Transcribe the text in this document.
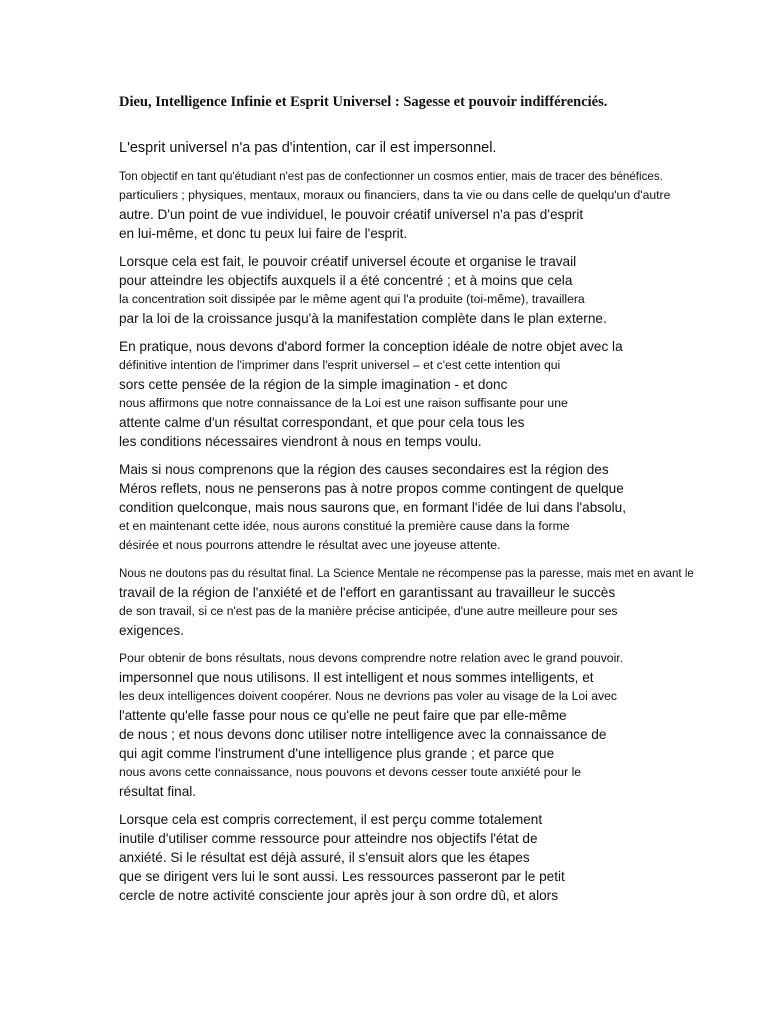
Dieu, Intelligence Infinie et Esprit Universel : Sagesse et pouvoir indifférenciés.

L'esprit universel n'a pas d'intention, car il est impersonnel.

Ton objectif en tant qu'étudiant n'est pas de confectionner un cosmos entier, mais de tracer des bénéfices.
particuliers ; physiques, mentaux, moraux ou financiers, dans ta vie ou dans celle de quelqu'un d'autre
autre. D'un point de vue individuel, le pouvoir créatif universel n'a pas d'esprit
en lui-même, et donc tu peux lui faire de l'esprit.

Lorsque cela est fait, le pouvoir créatif universel écoute et organise le travail
pour atteindre les objectifs auxquels il a été concentré ; et à moins que cela
la concentration soit dissipée par le même agent qui l'a produite (toi-même), travaillera
par la loi de la croissance jusqu'à la manifestation complète dans le plan externe.

En pratique, nous devons d'abord former la conception idéale de notre objet avec la
définitive intention de l'imprimer dans l'esprit universel – et c'est cette intention qui
sors cette pensée de la région de la simple imagination - et donc
nous affirmons que notre connaissance de la Loi est une raison suffisante pour une
attente calme d'un résultat correspondant, et que pour cela tous les
les conditions nécessaires viendront à nous en temps voulu.

Mais si nous comprenons que la région des causes secondaires est la région des
Méros reflets, nous ne penserons pas à notre propos comme contingent de quelque
condition quelconque, mais nous saurons que, en formant l'idée de lui dans l'absolu,
et en maintenant cette idée, nous aurons constitué la première cause dans la forme
désirée et nous pourrons attendre le résultat avec une joyeuse attente.

Nous ne doutons pas du résultat final. La Science Mentale ne récompense pas la paresse, mais met en avant le
travail de la région de l'anxiété et de l'effort en garantissant au travailleur le succès
de son travail, si ce n'est pas de la manière précise anticipée, d'une autre meilleure pour ses
exigences.

Pour obtenir de bons résultats, nous devons comprendre notre relation avec le grand pouvoir.
impersonnel que nous utilisons. Il est intelligent et nous sommes intelligents, et
les deux intelligences doivent coopérer. Nous ne devrions pas voler au visage de la Loi avec
l'attente qu'elle fasse pour nous ce qu'elle ne peut faire que par elle-même
de nous ; et nous devons donc utiliser notre intelligence avec la connaissance de
qui agit comme l'instrument d'une intelligence plus grande ; et parce que
nous avons cette connaissance, nous pouvons et devons cesser toute anxiété pour le
résultat final.

Lorsque cela est compris correctement, il est perçu comme totalement
inutile d'utiliser comme ressource pour atteindre nos objectifs l'état de
anxiété. Si le résultat est déjà assuré, il s'ensuit alors que les étapes
que se dirigent vers lui le sont aussi. Les ressources passeront par le petit
cercle de notre activité consciente jour après jour à son ordre dû, et alors
